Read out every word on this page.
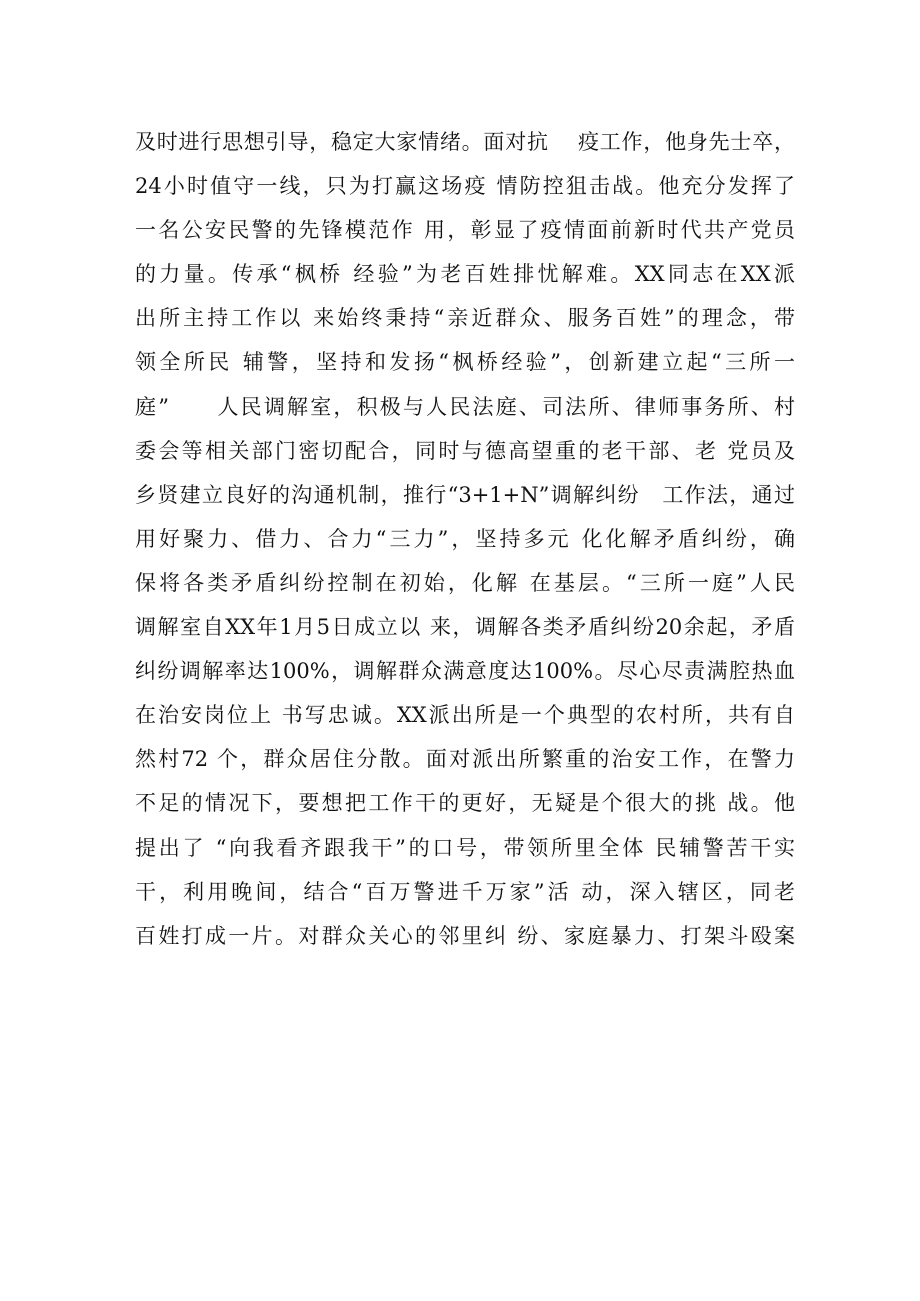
及时进行思想引导，稳定大家情绪。面对抗　 疫工作，他身先士卒，
24小时值守一线，只为打赢这场疫 情防控狙击战。他充分发挥了
一名公安民警的先锋模范作 用，彰显了疫情面前新时代共产党员
的力量。传承“枫桥 经验”为老百姓排忧解难。XX同志在XX派
出所主持工作以 来始终秉持“亲近群众、服务百姓”的理念，带
领全所民 辅警，坚持和发扬“枫桥经验”，创新建立起“三所一
庭”　　人民调解室，积极与人民法庭、司法所、律师事务所、村
委会等相关部门密切配合，同时与德高望重的老干部、老 党员及
乡贤建立良好的沟通机制，推行“3+1+N”调解纠纷　工作法，通过
用好聚力、借力、合力“三力”，坚持多元 化化解矛盾纠纷，确
保将各类矛盾纠纷控制在初始，化解 在基层。“三所一庭”人民
调解室自XX年1月5日成立以 来，调解各类矛盾纠纷20余起，矛盾
纠纷调解率达100%，调解群众满意度达100%。尽心尽责满腔热血
在治安岗位上 书写忠诚。XX派出所是一个典型的农村所，共有自
然村72 个，群众居住分散。面对派出所繁重的治安工作，在警力
不足的情况下，要想把工作干的更好，无疑是个很大的挑 战。他
提出了 “向我看齐跟我干”的口号，带领所里全体 民辅警苦干实
干，利用晚间，结合“百万警进千万家”活 动，深入辖区，同老
百姓打成一片。对群众关心的邻里纠 纷、家庭暴力、打架斗殴案
